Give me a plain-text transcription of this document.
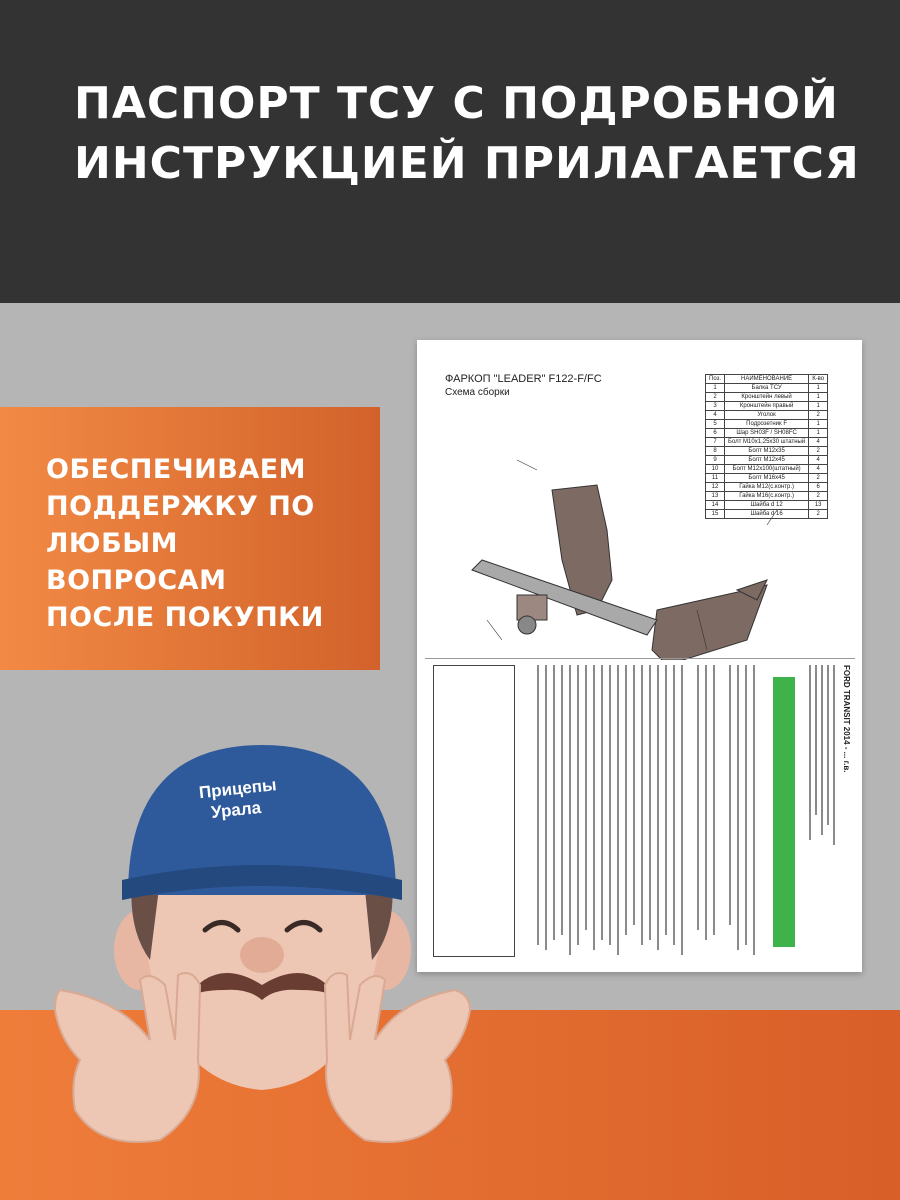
ПАСПОРТ ТСУ С ПОДРОБНОЙ
ИНСТРУКЦИЕЙ ПРИЛАГАЕТСЯ
ОБЕСПЕЧИВАЕМ
ПОДДЕРЖКУ ПО
ЛЮБЫМ
ВОПРОСАМ
ПОСЛЕ ПОКУПКИ
ФАРКОП "LEADER" F122-F/FC
Схема сборки
Поз.	НАИМЕНОВАНИЕ	К-во
1	Балка ТСУ	1
2	Кронштейн левый	1
3	Кронштейн правый	1
4	Уголок	2
5	Подрозетник F	1
6	Шар SH03F / SH08FC	1
7	Болт М10х1,25х30 штатный	4
8	Болт М12х35	2
9	Болт М12х45	4
10	Болт М12х100(штатный)	4
11	Болт М16х45	2
12	Гайка М12(с.контр.)	6
13	Гайка М16(с.контр.)	2
14	Шайба d 12	13
15	Шайба d 16	2
FORD TRANSIT 2014 - ... г.в.
Прицепы Урала
